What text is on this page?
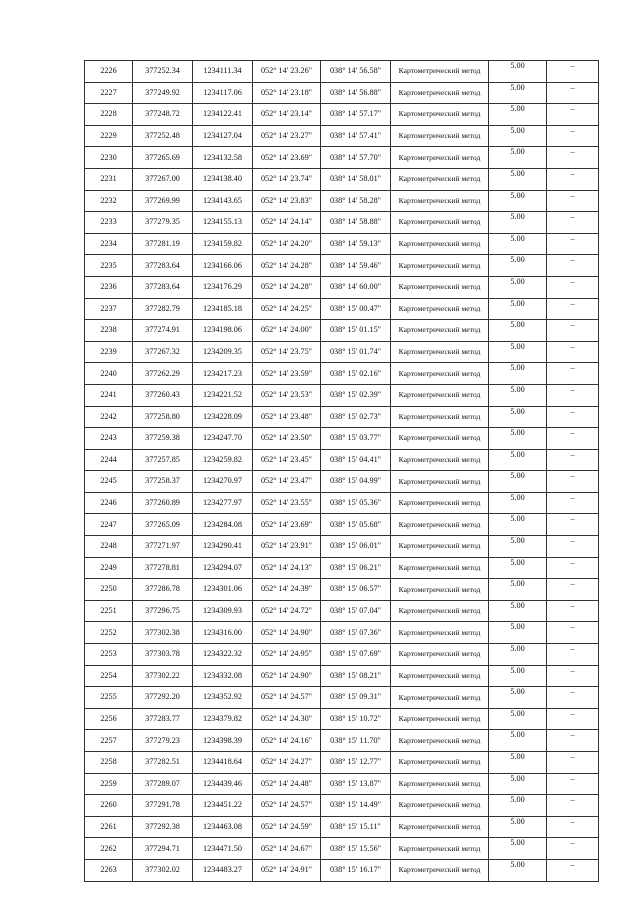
2226	377252.34	1234111.34	052° 14' 23.26"	038° 14' 56.58"	Картометрический метод	5.00	–
2227	377249.92	1234117.06	052° 14' 23.18"	038° 14' 56.88"	Картометрический метод	5.00	–
2228	377248.72	1234122.41	052° 14' 23.14"	038° 14' 57.17"	Картометрический метод	5.00	–
2229	377252.48	1234127.04	052° 14' 23.27"	038° 14' 57.41"	Картометрический метод	5.00	–
2230	377265.69	1234132.58	052° 14' 23.69"	038° 14' 57.70"	Картометрический метод	5.00	–
2231	377267.00	1234138.40	052° 14' 23.74"	038° 14' 58.01"	Картометрический метод	5.00	–
2232	377269.99	1234143.65	052° 14' 23.83"	038° 14' 58.28"	Картометрический метод	5.00	–
2233	377279.35	1234155.13	052° 14' 24.14"	038° 14' 58.88"	Картометрический метод	5.00	–
2234	377281.19	1234159.82	052° 14' 24.20"	038° 14' 59.13"	Картометрический метод	5.00	–
2235	377283.64	1234166.06	052° 14' 24.28"	038° 14' 59.46"	Картометрический метод	5.00	–
2236	377283.64	1234176.29	052° 14' 24.28"	038° 14' 60.00"	Картометрический метод	5.00	–
2237	377282.79	1234185.18	052° 14' 24.25"	038° 15' 00.47"	Картометрический метод	5.00	–
2238	377274.91	1234198.06	052° 14' 24.00"	038° 15' 01.15"	Картометрический метод	5.00	–
2239	377267.32	1234209.35	052° 14' 23.75"	038° 15' 01.74"	Картометрический метод	5.00	–
2240	377262.29	1234217.23	052° 14' 23.59"	038° 15' 02.16"	Картометрический метод	5.00	–
2241	377260.43	1234221.52	052° 14' 23.53"	038° 15' 02.39"	Картометрический метод	5.00	–
2242	377258.80	1234228.09	052° 14' 23.48"	038° 15' 02.73"	Картометрический метод	5.00	–
2243	377259.38	1234247.70	052° 14' 23.50"	038° 15' 03.77"	Картометрический метод	5.00	–
2244	377257.85	1234259.82	052° 14' 23.45"	038° 15' 04.41"	Картометрический метод	5.00	–
2245	377258.37	1234270.97	052° 14' 23.47"	038° 15' 04.99"	Картометрический метод	5.00	–
2246	377260.89	1234277.97	052° 14' 23.55"	038° 15' 05.36"	Картометрический метод	5.00	–
2247	377265.09	1234284.08	052° 14' 23.69"	038° 15' 05.68"	Картометрический метод	5.00	–
2248	377271.97	1234290.41	052° 14' 23.91"	038° 15' 06.01"	Картометрический метод	5.00	–
2249	377278.81	1234294.07	052° 14' 24.13"	038° 15' 06.21"	Картометрический метод	5.00	–
2250	377286.78	1234301.06	052° 14' 24.39"	038° 15' 06.57"	Картометрический метод	5.00	–
2251	377296.75	1234309.93	052° 14' 24.72"	038° 15' 07.04"	Картометрический метод	5.00	–
2252	377302.38	1234316.00	052° 14' 24.90"	038° 15' 07.36"	Картометрический метод	5.00	–
2253	377303.78	1234322.32	052° 14' 24.95"	038° 15' 07.69"	Картометрический метод	5.00	–
2254	377302.22	1234332.08	052° 14' 24.90"	038° 15' 08.21"	Картометрический метод	5.00	–
2255	377292.20	1234352.92	052° 14' 24.57"	038° 15' 09.31"	Картометрический метод	5.00	–
2256	377283.77	1234379.82	052° 14' 24.30"	038° 15' 10.72"	Картометрический метод	5.00	–
2257	377279.23	1234398.39	052° 14' 24.16"	038° 15' 11.70"	Картометрический метод	5.00	–
2258	377282.51	1234418.64	052° 14' 24.27"	038° 15' 12.77"	Картометрический метод	5.00	–
2259	377289.07	1234439.46	052° 14' 24.48"	038° 15' 13.87"	Картометрический метод	5.00	–
2260	377291.78	1234451.22	052° 14' 24.57"	038° 15' 14.49"	Картометрический метод	5.00	–
2261	377292.38	1234463.08	052° 14' 24.59"	038° 15' 15.11"	Картометрический метод	5.00	–
2262	377294.71	1234471.50	052° 14' 24.67"	038° 15' 15.56"	Картометрический метод	5.00	–
2263	377302.02	1234483.27	052° 14' 24.91"	038° 15' 16.17"	Картометрический метод	5.00	–
